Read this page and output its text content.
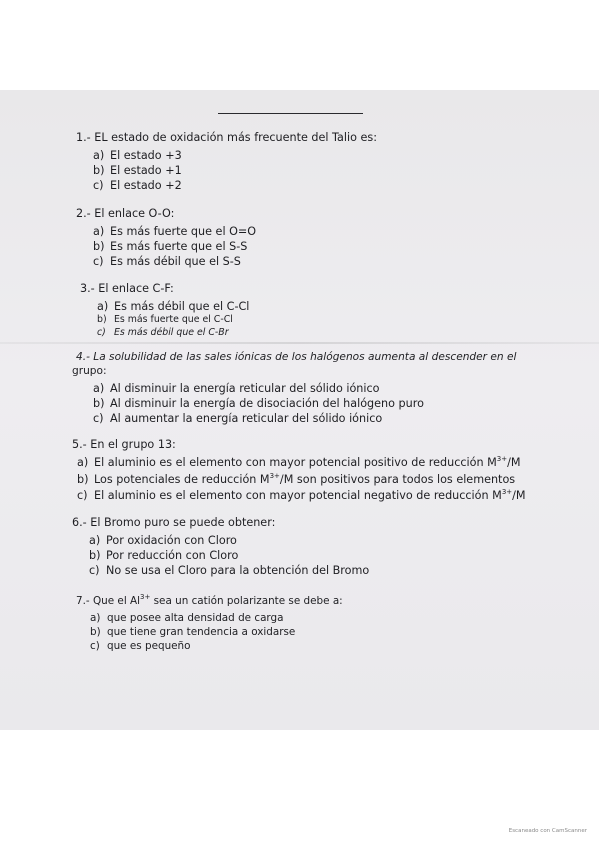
1.- EL estado de oxidación más frecuente del Talio es:
a) El estado +3
b) El estado +1
c) El estado +2
2.- El enlace O-O:
a) Es más fuerte que el O=O
b) Es más fuerte que el S-S
c) Es más débil que el S-S
3.- El enlace C-F:
a) Es más débil que el C-Cl
b) Es más fuerte que el C-Cl
c) Es más débil que el C-Br
4.- La solubilidad de las sales iónicas de los halógenos aumenta al descender en el
grupo:
a) Al disminuir la energía reticular del sólido iónico
b) Al disminuir la energía de disociación del halógeno puro
c) Al aumentar la energía reticular del sólido iónico
5.- En el grupo 13:
a) El aluminio es el elemento con mayor potencial positivo de reducción $M^{3+}/M$
b) Los potenciales de reducción $M^{3+}/M$ son positivos para todos los elementos
c) El aluminio es el elemento con mayor potencial negativo de reducción $M^{3+}/M$
6.- El Bromo puro se puede obtener:
a) Por oxidación con Cloro
b) Por reducción con Cloro
c) No se usa el Cloro para la obtención del Bromo
7.- Que el $Al^{3+}$ sea un catión polarizante se debe a:
a) que posee alta densidad de carga
b) que tiene gran tendencia a oxidarse
c) que es pequeño
Escaneado con CamScanner
